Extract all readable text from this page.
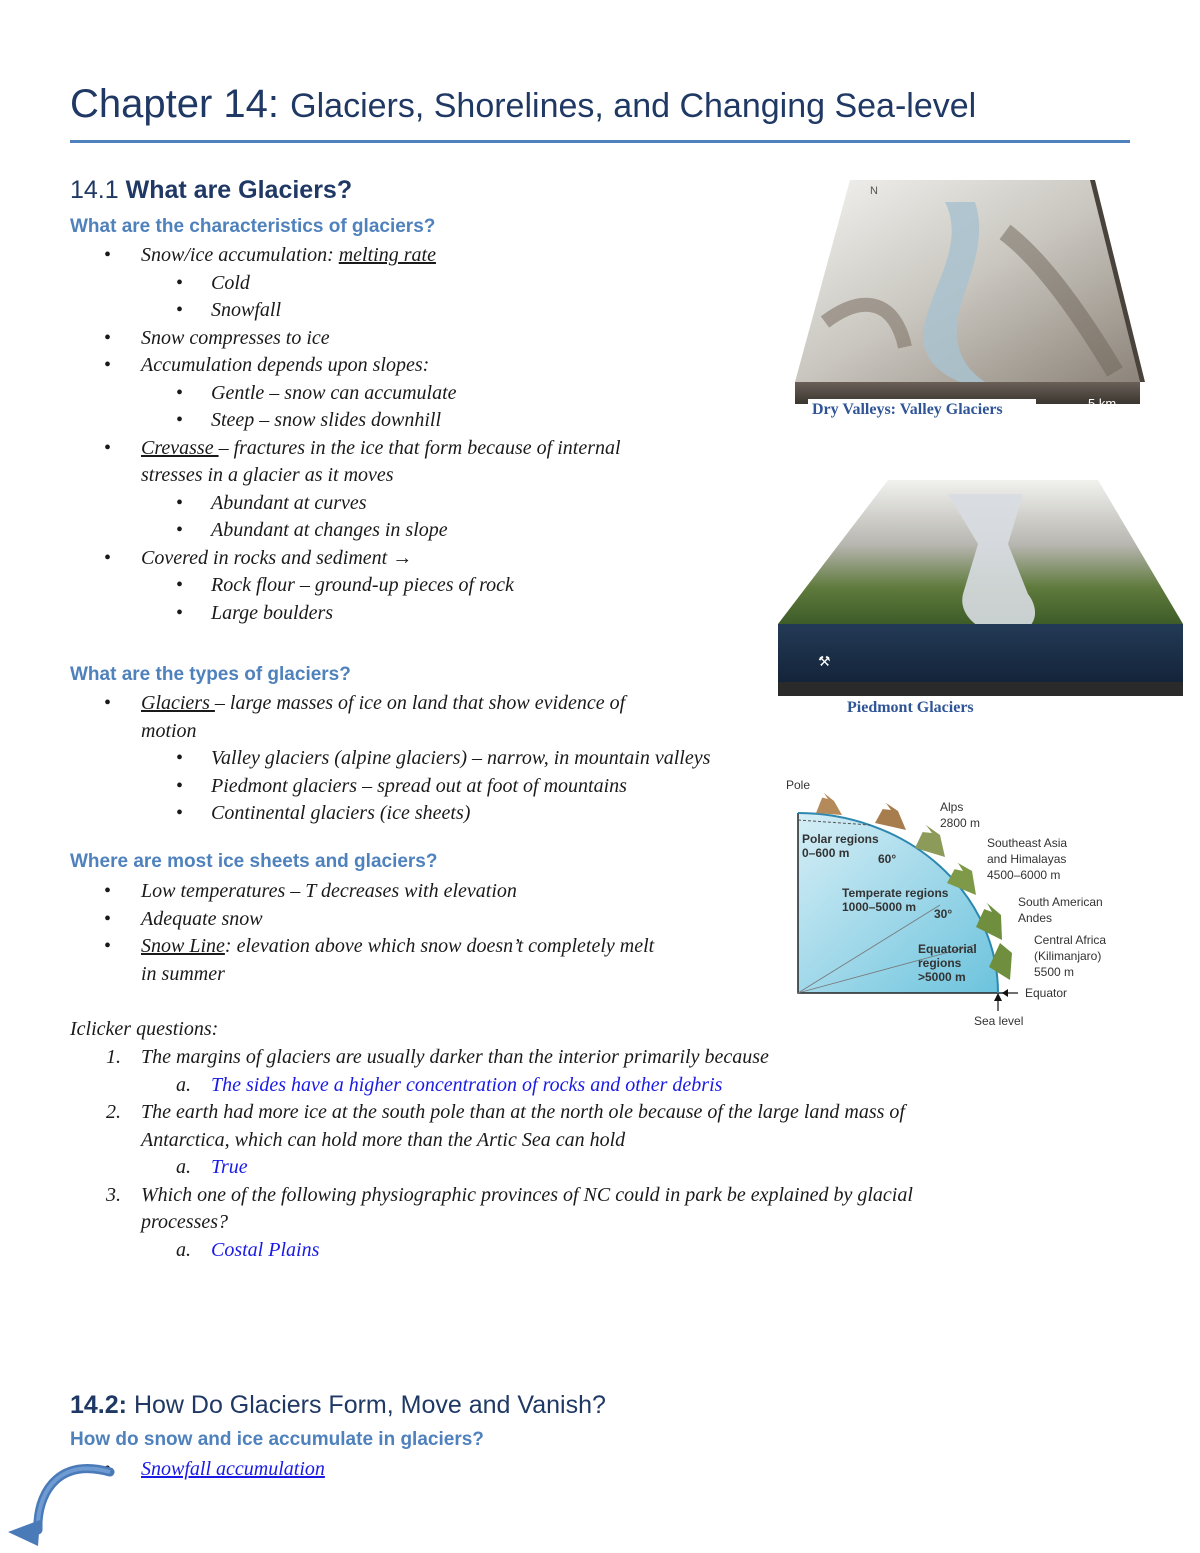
Chapter 14: Glaciers, Shorelines, and Changing Sea-level
14.1 What are Glaciers?
What are the characteristics of glaciers?
• Snow/ice accumulation: melting rate
• Cold
• Snowfall
• Snow compresses to ice
• Accumulation depends upon slopes:
• Gentle – snow can accumulate
• Steep – snow slides downhill
• Crevasse – fractures in the ice that form because of internal
stresses in a glacier as it moves
• Abundant at curves
• Abundant at changes in slope
• Covered in rocks and sediment →
• Rock flour – ground-up pieces of rock
• Large boulders
What are the types of glaciers?
• Glaciers – large masses of ice on land that show evidence of
motion
• Valley glaciers (alpine glaciers) – narrow, in mountain valleys
• Piedmont glaciers – spread out at foot of mountains
• Continental glaciers (ice sheets)
Where are most ice sheets and glaciers?
• Low temperatures – T decreases with elevation
• Adequate snow
• Snow Line: elevation above which snow doesn’t completely melt
in summer
Iclicker questions:
1. The margins of glaciers are usually darker than the interior primarily because
a. The sides have a higher concentration of rocks and other debris
2. The earth had more ice at the south pole than at the north ole because of the large land mass of
Antarctica, which can hold more than the Artic Sea can hold
a. True
3. Which one of the following physiographic provinces of NC could in park be explained by glacial
processes?
a. Costal Plains
14.2: How Do Glaciers Form, Move and Vanish?
How do snow and ice accumulate in glaciers?
• Snowfall accumulation
N
Dry Valleys: Valley Glaciers	5 km
⚒
5 km Piedmont Glaciers
Pole
Polar regions
0–600 m 60°
Temperate regions
1000–5000 m 30°
Equatorial
regions
>5000 m
Alps
2800 m
Southeast Asia
and Himalayas
4500–6000 m
South American
Andes
Central Africa
(Kilimanjaro)
5500 m
Equator
Sea level
